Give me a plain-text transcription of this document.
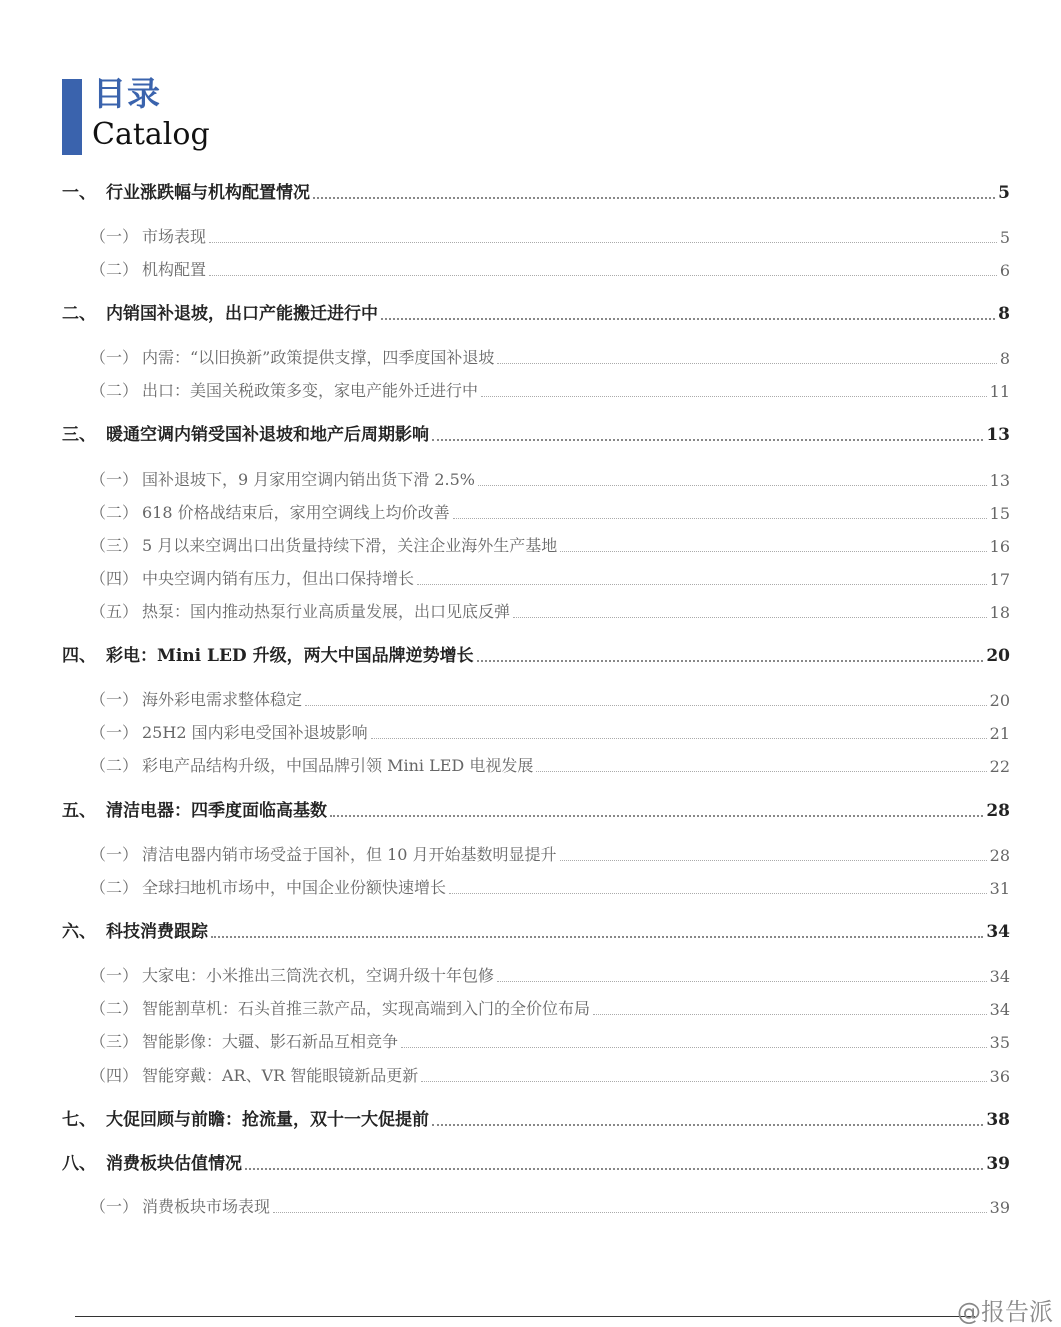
目录
Catalog
一、 行业涨跌幅与机构配置情况	5
（一） 市场表现	5
（二） 机构配置	6
二、 内销国补退坡，出口产能搬迁进行中	8
（一） 内需：“以旧换新”政策提供支撑，四季度国补退坡	8
（二） 出口：美国关税政策多变，家电产能外迁进行中	11
三、 暖通空调内销受国补退坡和地产后周期影响	13
（一） 国补退坡下，9 月家用空调内销出货下滑 2.5%	13
（二） 618 价格战结束后，家用空调线上均价改善	15
（三） 5 月以来空调出口出货量持续下滑，关注企业海外生产基地	16
（四） 中央空调内销有压力，但出口保持增长	17
（五） 热泵：国内推动热泵行业高质量发展，出口见底反弹	18
四、 彩电：Mini LED 升级，两大中国品牌逆势增长	20
（一） 海外彩电需求整体稳定	20
（一） 25H2 国内彩电受国补退坡影响	21
（二） 彩电产品结构升级，中国品牌引领 Mini LED 电视发展	22
五、 清洁电器：四季度面临高基数	28
（一） 清洁电器内销市场受益于国补，但 10 月开始基数明显提升	28
（二） 全球扫地机市场中，中国企业份额快速增长	31
六、 科技消费跟踪	34
（一） 大家电：小米推出三筒洗衣机，空调升级十年包修	34
（二） 智能割草机：石头首推三款产品，实现高端到入门的全价位布局	34
（三） 智能影像：大疆、影石新品互相竞争	35
（四） 智能穿戴：AR、VR 智能眼镜新品更新	36
七、 大促回顾与前瞻：抢流量，双十一大促提前	38
八、 消费板块估值情况	39
（一） 消费板块市场表现	39
@报告派
